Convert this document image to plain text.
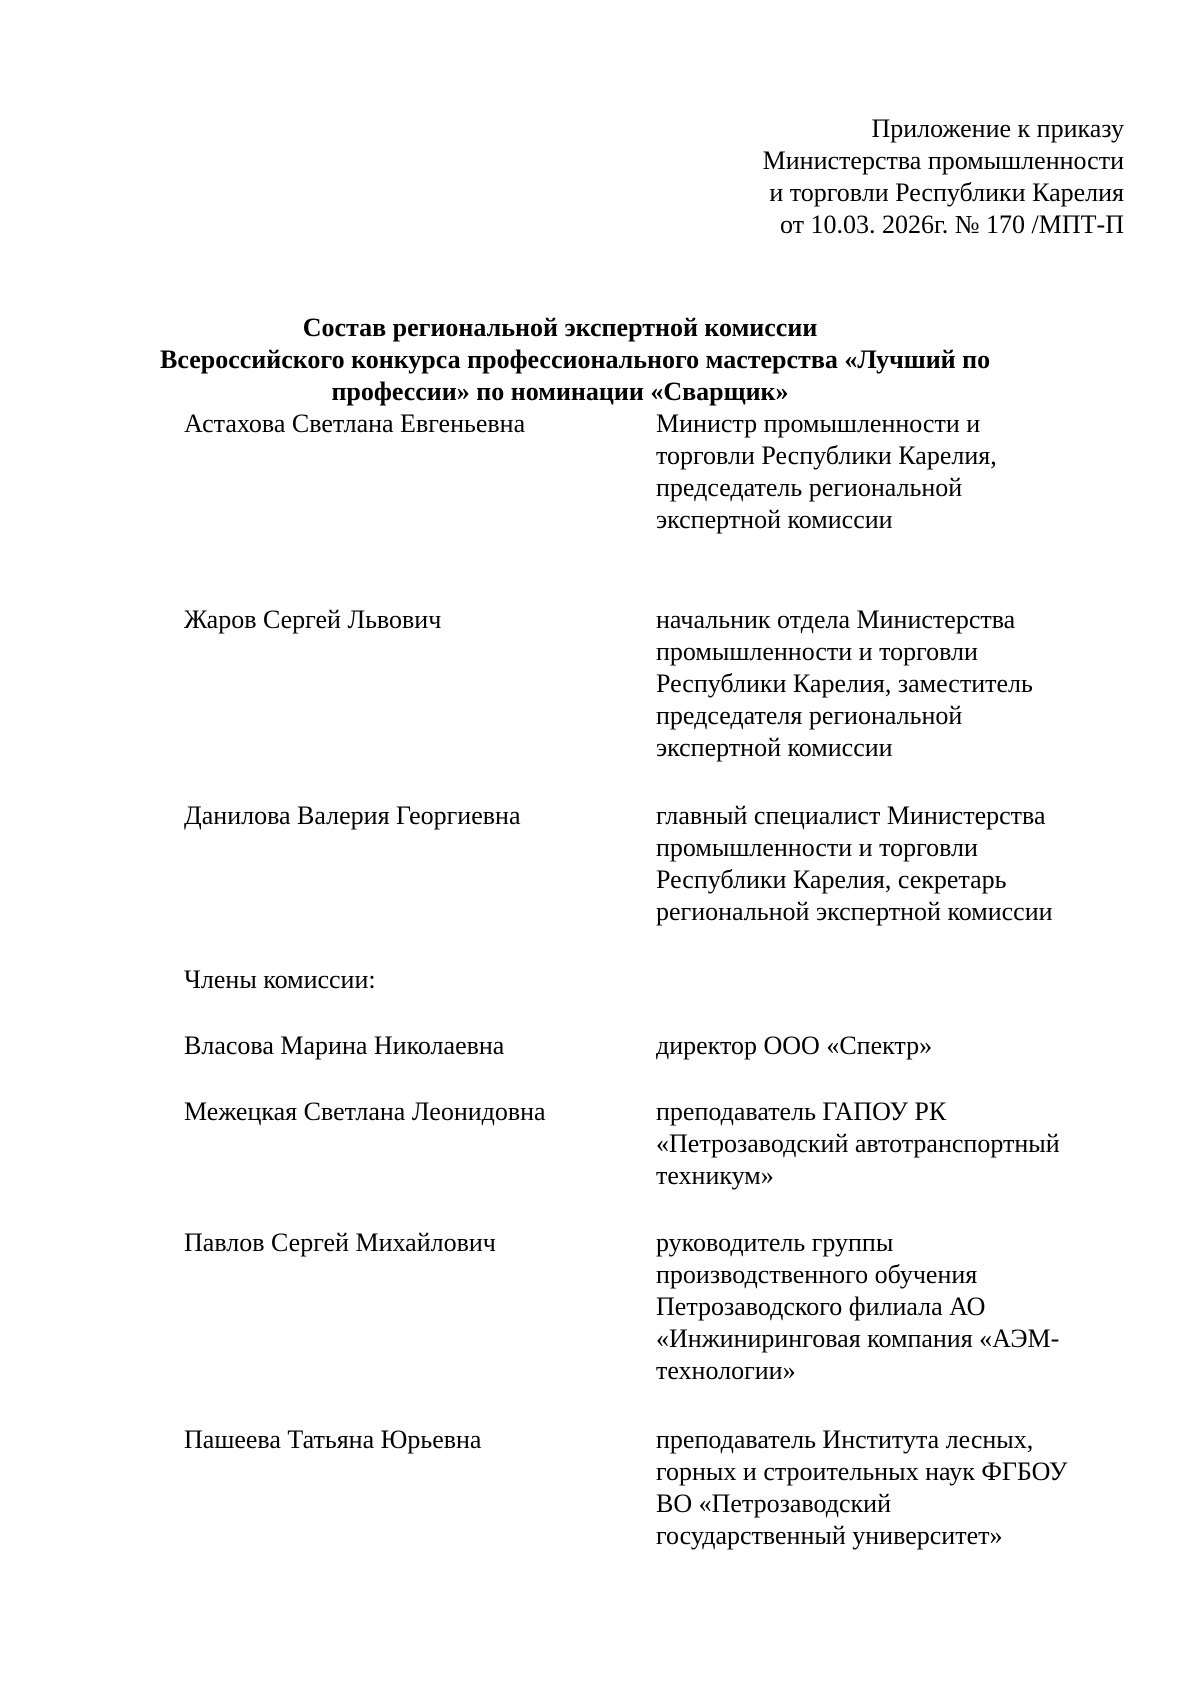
Приложение к приказу
Министерства промышленности
и торговли Республики Карелия
от 10.03. 2026г. № 170 /МПТ-П
Состав региональной экспертной комиссии
Всероссийского конкурса профессионального мастерства «Лучший по
профессии» по номинации «Сварщик»
Астахова Светлана Евгеньевна	Министр промышленности и
торговли Республики Карелия,
председатель региональной
экспертной комиссии
Жаров Сергей Львович	начальник отдела Министерства
промышленности и торговли
Республики Карелия, заместитель
председателя региональной
экспертной комиссии
Данилова Валерия Георгиевна	главный специалист Министерства
промышленности и торговли
Республики Карелия, секретарь
региональной экспертной комиссии
Члены комиссии:
Власова Марина Николаевна	директор ООО «Спектр»
Межецкая Светлана Леонидовна	преподаватель ГАПОУ РК
«Петрозаводский автотранспортный
техникум»
Павлов Сергей Михайлович	руководитель группы
производственного обучения
Петрозаводского филиала АО
«Инжиниринговая компания «АЭМ-
технологии»
Пашеева Татьяна Юрьевна	преподаватель Института лесных,
горных и строительных наук ФГБОУ
ВО «Петрозаводский
государственный университет»
